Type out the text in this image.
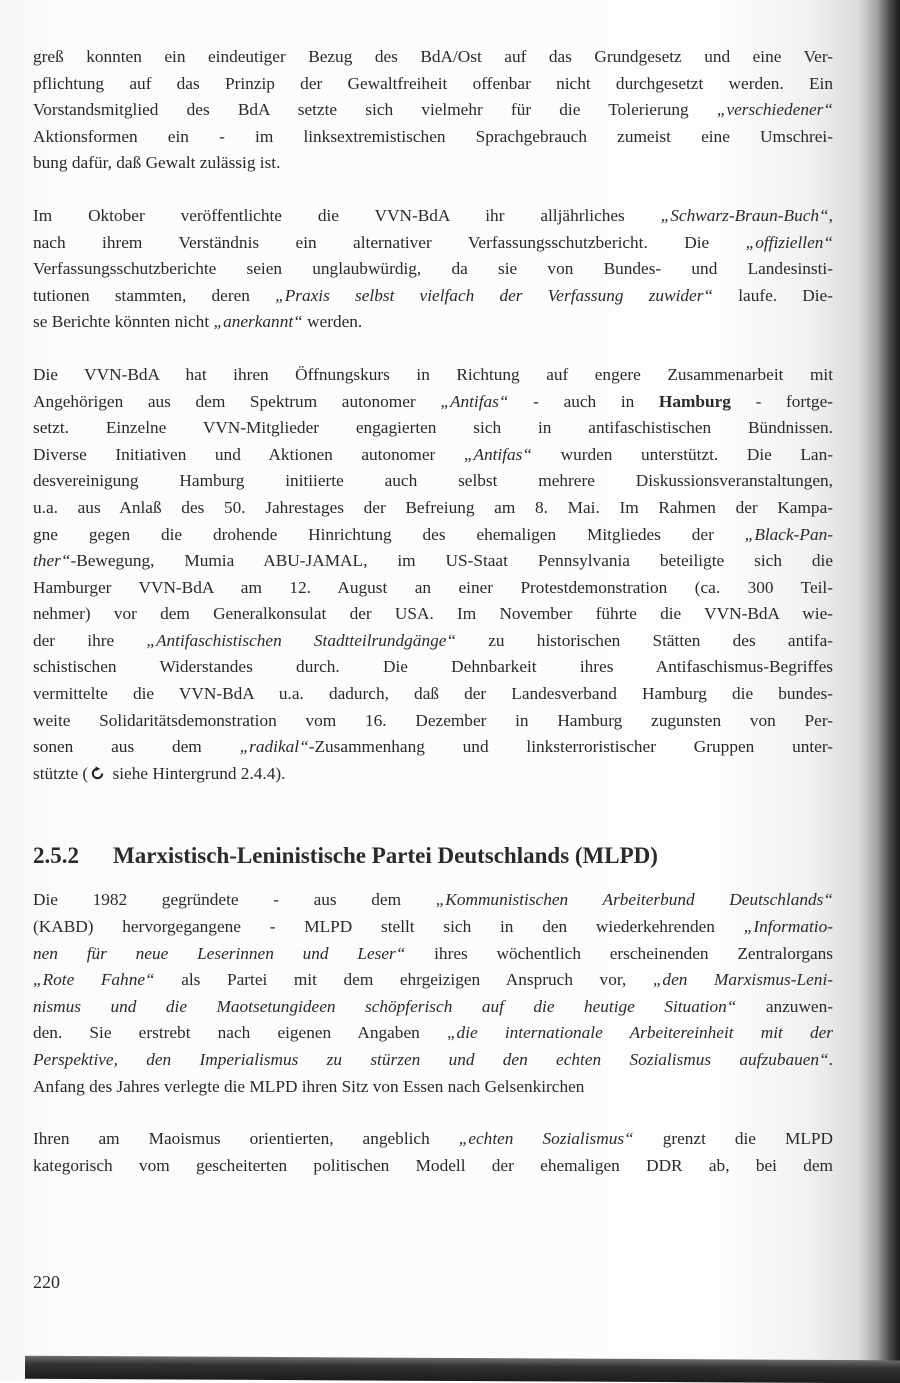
greß konnten ein eindeutiger Bezug des BdA/Ost auf das Grundgesetz und eine Ver-
pflichtung auf das Prinzip der Gewaltfreiheit offenbar nicht durchgesetzt werden. Ein
Vorstandsmitglied des BdA setzte sich vielmehr für die Tolerierung „verschiedener“
Aktionsformen ein - im linksextremistischen Sprachgebrauch zumeist eine Umschrei-
bung dafür, daß Gewalt zulässig ist.

Im Oktober veröffentlichte die VVN-BdA ihr alljährliches „Schwarz-Braun-Buch“,
nach ihrem Verständnis ein alternativer Verfassungsschutzbericht. Die „offiziellen“
Verfassungsschutzberichte seien unglaubwürdig, da sie von Bundes- und Landesinsti-
tutionen stammten, deren „Praxis selbst vielfach der Verfassung zuwider“ laufe. Die-
se Berichte könnten nicht „anerkannt“ werden.

Die VVN-BdA hat ihren Öffnungskurs in Richtung auf engere Zusammenarbeit mit
Angehörigen aus dem Spektrum autonomer „Antifas“ - auch in Hamburg - fortge-
setzt. Einzelne VVN-Mitglieder engagierten sich in antifaschistischen Bündnissen.
Diverse Initiativen und Aktionen autonomer „Antifas“ wurden unterstützt. Die Lan-
desvereinigung Hamburg initiierte auch selbst mehrere Diskussionsveranstaltungen,
u.a. aus Anlaß des 50. Jahrestages der Befreiung am 8. Mai. Im Rahmen der Kampa-
gne gegen die drohende Hinrichtung des ehemaligen Mitgliedes der „Black-Pan-
ther“-Bewegung, Mumia ABU-JAMAL, im US-Staat Pennsylvania beteiligte sich die
Hamburger VVN-BdA am 12. August an einer Protestdemonstration (ca. 300 Teil-
nehmer) vor dem Generalkonsulat der USA. Im November führte die VVN-BdA wie-
der ihre „Antifaschistischen Stadtteilrundgänge“ zu historischen Stätten des antifa-
schistischen Widerstandes durch. Die Dehnbarkeit ihres Antifaschismus-Begriffes
vermittelte die VVN-BdA u.a. dadurch, daß der Landesverband Hamburg die bundes-
weite Solidaritätsdemonstration vom 16. Dezember in Hamburg zugunsten von Per-
sonen aus dem „radikal“-Zusammenhang und linksterroristischer Gruppen unter-

stützte ( siehe Hintergrund 2.4.4).

2.5.2 Marxistisch-Leninistische Partei Deutschlands (MLPD)

Die 1982 gegründete - aus dem „Kommunistischen Arbeiterbund Deutschlands“
(KABD) hervorgegangene - MLPD stellt sich in den wiederkehrenden „Informatio-
nen für neue Leserinnen und Leser“ ihres wöchentlich erscheinenden Zentralorgans
„Rote Fahne“ als Partei mit dem ehrgeizigen Anspruch vor, „den Marxismus-Leni-
nismus und die Maotsetungideen schöpferisch auf die heutige Situation“ anzuwen-
den. Sie erstrebt nach eigenen Angaben „die internationale Arbeitereinheit mit der
Perspektive, den Imperialismus zu stürzen und den echten Sozialismus aufzubauen“.
Anfang des Jahres verlegte die MLPD ihren Sitz von Essen nach Gelsenkirchen

Ihren am Maoismus orientierten, angeblich „echten Sozialismus“ grenzt die MLPD
kategorisch vom gescheiterten politischen Modell der ehemaligen DDR ab, bei dem

220
